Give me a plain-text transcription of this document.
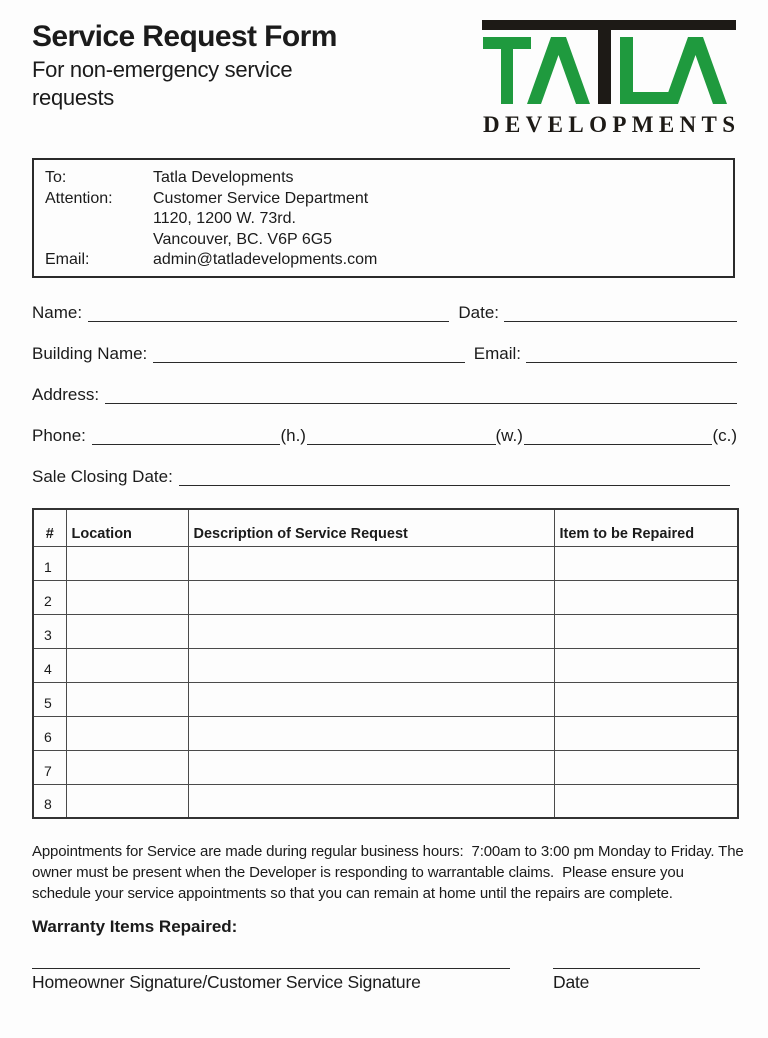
Service Request Form
For non-emergency service requests
DEVELOPMENTS
To:	Tatla Developments
Attention:	Customer Service Department
1120, 1200 W. 73rd.
Vancouver, BC. V6P 6G5
Email:	admin@tatladevelopments.com
Name:	Date:
Building Name:	Email:
Address:
Phone:	(h.)	(w.)	(c.)
Sale Closing Date:
#	Location	Description of Service Request	Item to be Repaired
1			
2			
3			
4			
5			
6			
7			
8			
Appointments for Service are made during regular business hours:  7:00am to 3:00 pm Monday to Friday. The owner must be present when the Developer is responding to warrantable claims.  Please ensure you schedule your service appointments so that you can remain at home until the repairs are complete.
Warranty Items Repaired:
Homeowner Signature/Customer Service Signature	Date
